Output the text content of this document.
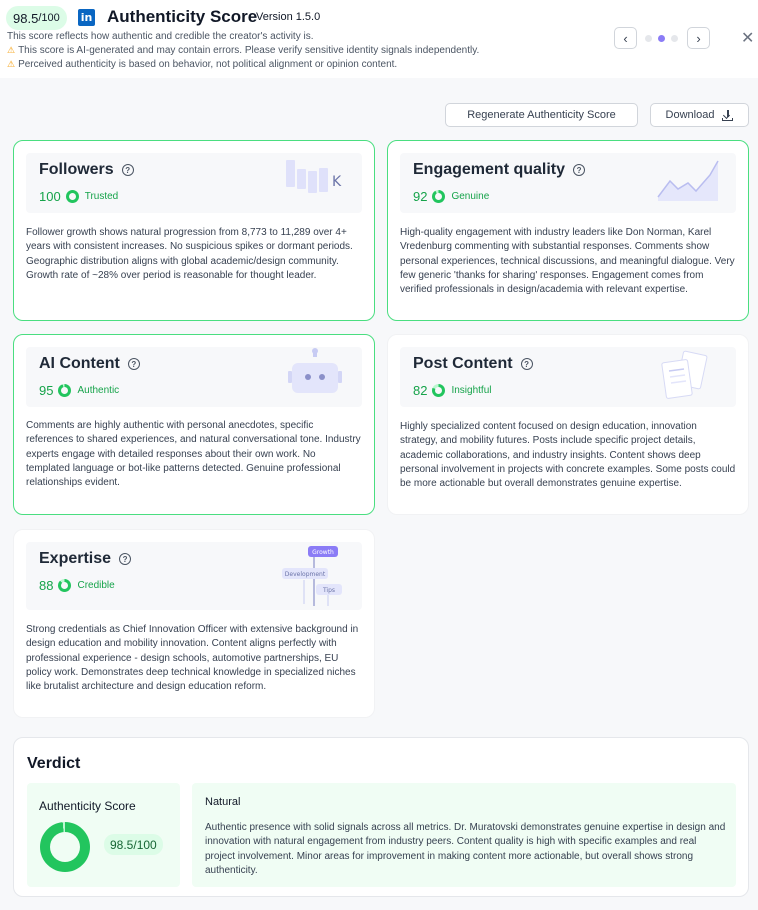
98.5 /100 in Authenticity Score
Version 1.5.0
This score reflects how authentic and credible the creator's activity is.
⚠ This score is AI-generated and may contain errors. Please verify sensitive identity signals independently.
⚠ Perceived authenticity is based on behavior, not political alignment or opinion content.
‹	›	✕
Regenerate Authenticity Score	Download
Followers	?
100 Trusted
K
Follower growth shows natural progression from 8,773 to 11,289 over 4+ years with consistent increases. No suspicious spikes or dormant periods. Geographic distribution aligns with global academic/design community. Growth rate of ~28% over period is reasonable for thought leader.
Engagement quality	?
92 Genuine
High-quality engagement with industry leaders like Don Norman, Karel Vredenburg commenting with substantial responses. Comments show personal experiences, technical discussions, and meaningful dialogue. Very few generic 'thanks for sharing' responses. Engagement comes from verified professionals in design/academia with relevant expertise.
AI Content	?
95 Authentic
Comments are highly authentic with personal anecdotes, specific references to shared experiences, and natural conversational tone. Industry experts engage with detailed responses about their own work. No templated language or bot-like patterns detected. Genuine professional relationships evident.
Post Content	?
82 Insightful
Highly specialized content focused on design education, innovation strategy, and mobility futures. Posts include specific project details, academic collaborations, and industry insights. Content shows deep personal involvement in projects with concrete examples. Some posts could be more actionable but overall demonstrates genuine expertise.
Expertise	?
88 Credible
Growth
Development
Tips
Strong credentials as Chief Innovation Officer with extensive background in design education and mobility innovation. Content aligns perfectly with professional experience - design schools, automotive partnerships, EU policy work. Demonstrates deep technical knowledge in specialized niches like brutalist architecture and design education reform.
Verdict
Authenticity Score
98.5/100
Natural
Authentic presence with solid signals across all metrics. Dr. Muratovski demonstrates genuine expertise in design and innovation with natural engagement from industry peers. Content quality is high with specific examples and real project involvement. Minor areas for improvement in making content more actionable, but overall shows strong authenticity.
